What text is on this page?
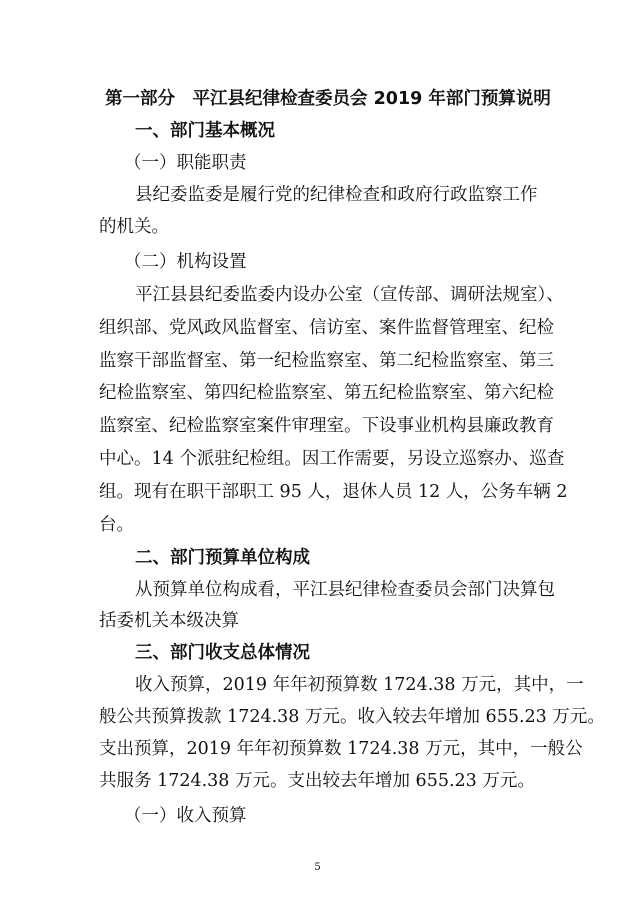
第一部分　平江县纪律检查委员会 2019 年部门预算说明
一、部门基本概况
（一）职能职责
县纪委监委是履行党的纪律检查和政府行政监察工作
的机关。
（二）机构设置
平江县县纪委监委内设办公室（宣传部、调研法规室）、
组织部、党风政风监督室、信访室、案件监督管理室、纪检
监察干部监督室、第一纪检监察室、第二纪检监察室、第三
纪检监察室、第四纪检监察室、第五纪检监察室、第六纪检
监察室、纪检监察室案件审理室。下设事业机构县廉政教育
中心。14 个派驻纪检组。因工作需要，另设立巡察办、巡查
组。现有在职干部职工 95 人，退休人员 12 人，公务车辆 2
台。
二、部门预算单位构成
从预算单位构成看，平江县纪律检查委员会部门决算包
括委机关本级决算
三、部门收支总体情况
收入预算，2019 年年初预算数 1724.38 万元，其中，一
般公共预算拨款 1724.38 万元。收入较去年增加 655.23 万元。
支出预算，2019 年年初预算数 1724.38 万元，其中，一般公
共服务 1724.38 万元。支出较去年增加 655.23 万元。
（一）收入预算
5
